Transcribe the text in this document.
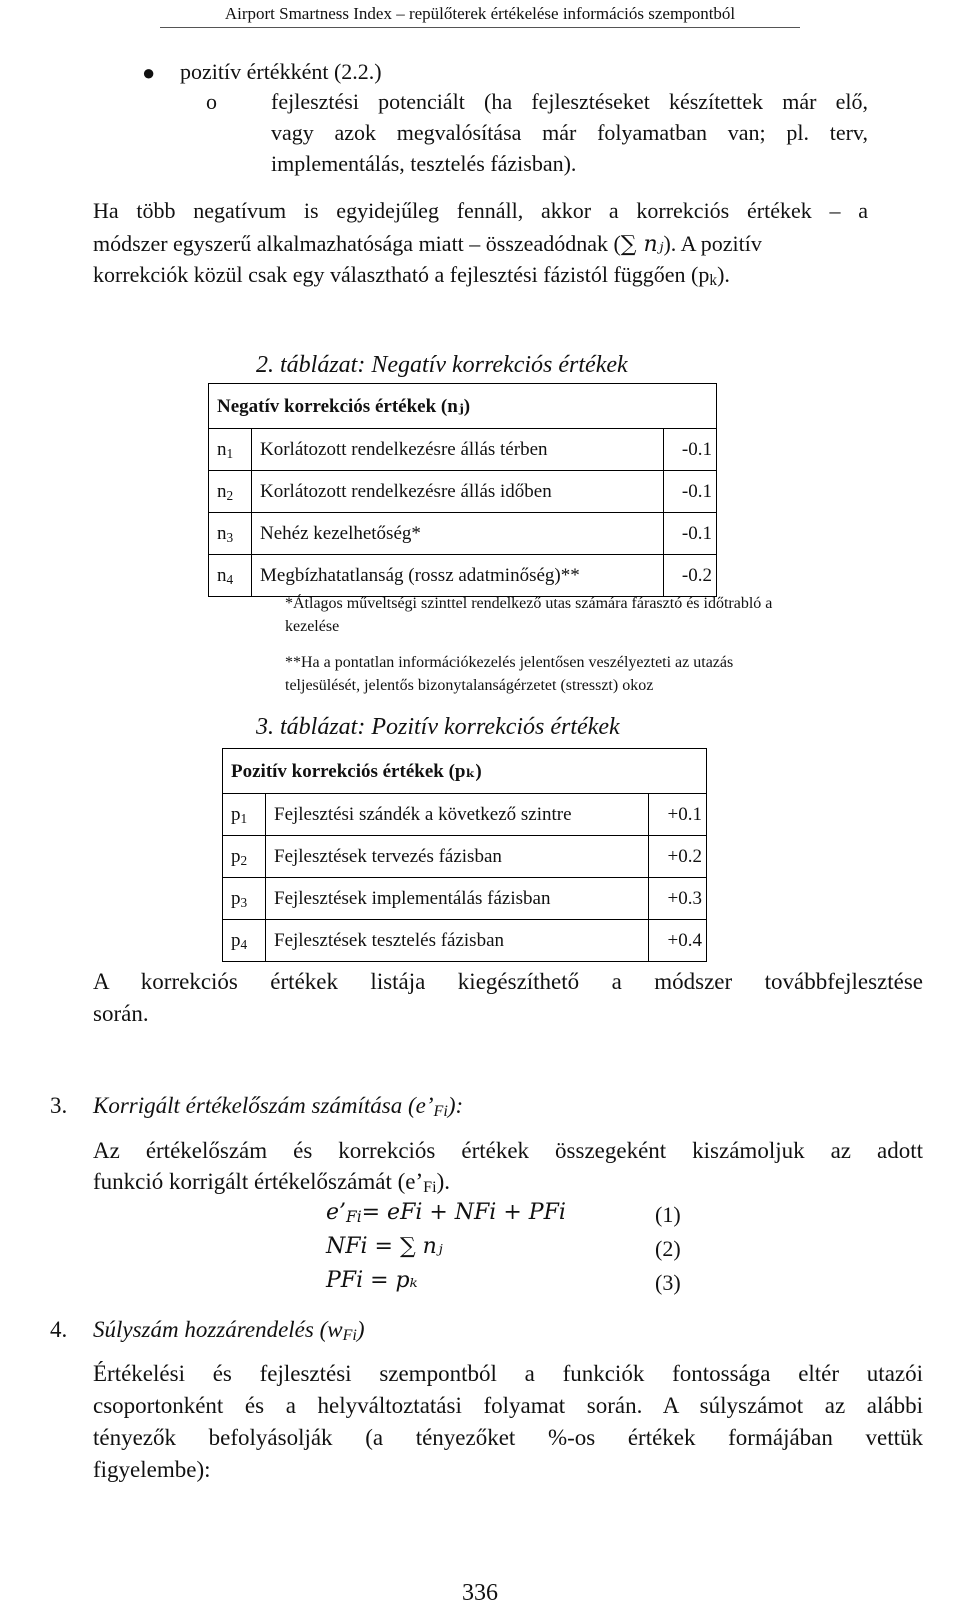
Airport Smartness Index – repülőterek értékelése információs szempontból
● pozitív értékként (2.2.)
o fejlesztési potenciált (ha fejlesztéseket készítettek már elő,
vagy azok megvalósítása már folyamatban van; pl. terv,
implementálás, tesztelés fázisban).
Ha több negatívum is egyidejűleg fennáll, akkor a korrekciós értékek – a
módszer egyszerű alkalmazhatósága miatt – összeadódnak (∑ nⱼ). A pozitív
korrekciók közül csak egy választható a fejlesztési fázistól függően (pk).
2. táblázat: Negatív korrekciós értékek
Negatív korrekciós értékek (nⱼ)		
n1	Korlátozott rendelkezésre állás térben	-0.1
n2	Korlátozott rendelkezésre állás időben	-0.1
n3	Nehéz kezelhetőség*	-0.1
n4	Megbízhatatlanság (rossz adatminőség)**	-0.2
*Átlagos műveltségi szinttel rendelkező utas számára fárasztó és időtrabló a
kezelése
**Ha a pontatlan információkezelés jelentősen veszélyezteti az utazás
teljesülését, jelentős bizonytalanságérzetet (stresszt) okoz
3. táblázat: Pozitív korrekciós értékek
Pozitív korrekciós értékek (pₖ)		
p1	Fejlesztési szándék a következő szintre	+0.1
p2	Fejlesztések tervezés fázisban	+0.2
p3	Fejlesztések implementálás fázisban	+0.3
p4	Fejlesztések tesztelés fázisban	+0.4
A korrekciós értékek listája kiegészíthető a módszer továbbfejlesztése
során.
3. Korrigált értékelőszám számítása (e’Fi):
Az értékelőszám és korrekciós értékek összegeként kiszámoljuk az adott
funkció korrigált értékelőszámát (e’Fi).
e’Fi= e𝐹𝑖 + N𝐹𝑖 + P𝐹𝑖	(1)
N𝐹𝑖 = ∑ nⱼ	(2)
P𝐹𝑖 = pₖ	(3)
4. Súlyszám hozzárendelés (wFi)
Értékelési és fejlesztési szempontból a funkciók fontossága eltér utazói
csoportonként és a helyváltoztatási folyamat során. A súlyszámot az alábbi
tényezők befolyásolják (a tényezőket %-os értékek formájában vettük
figyelembe):
336
